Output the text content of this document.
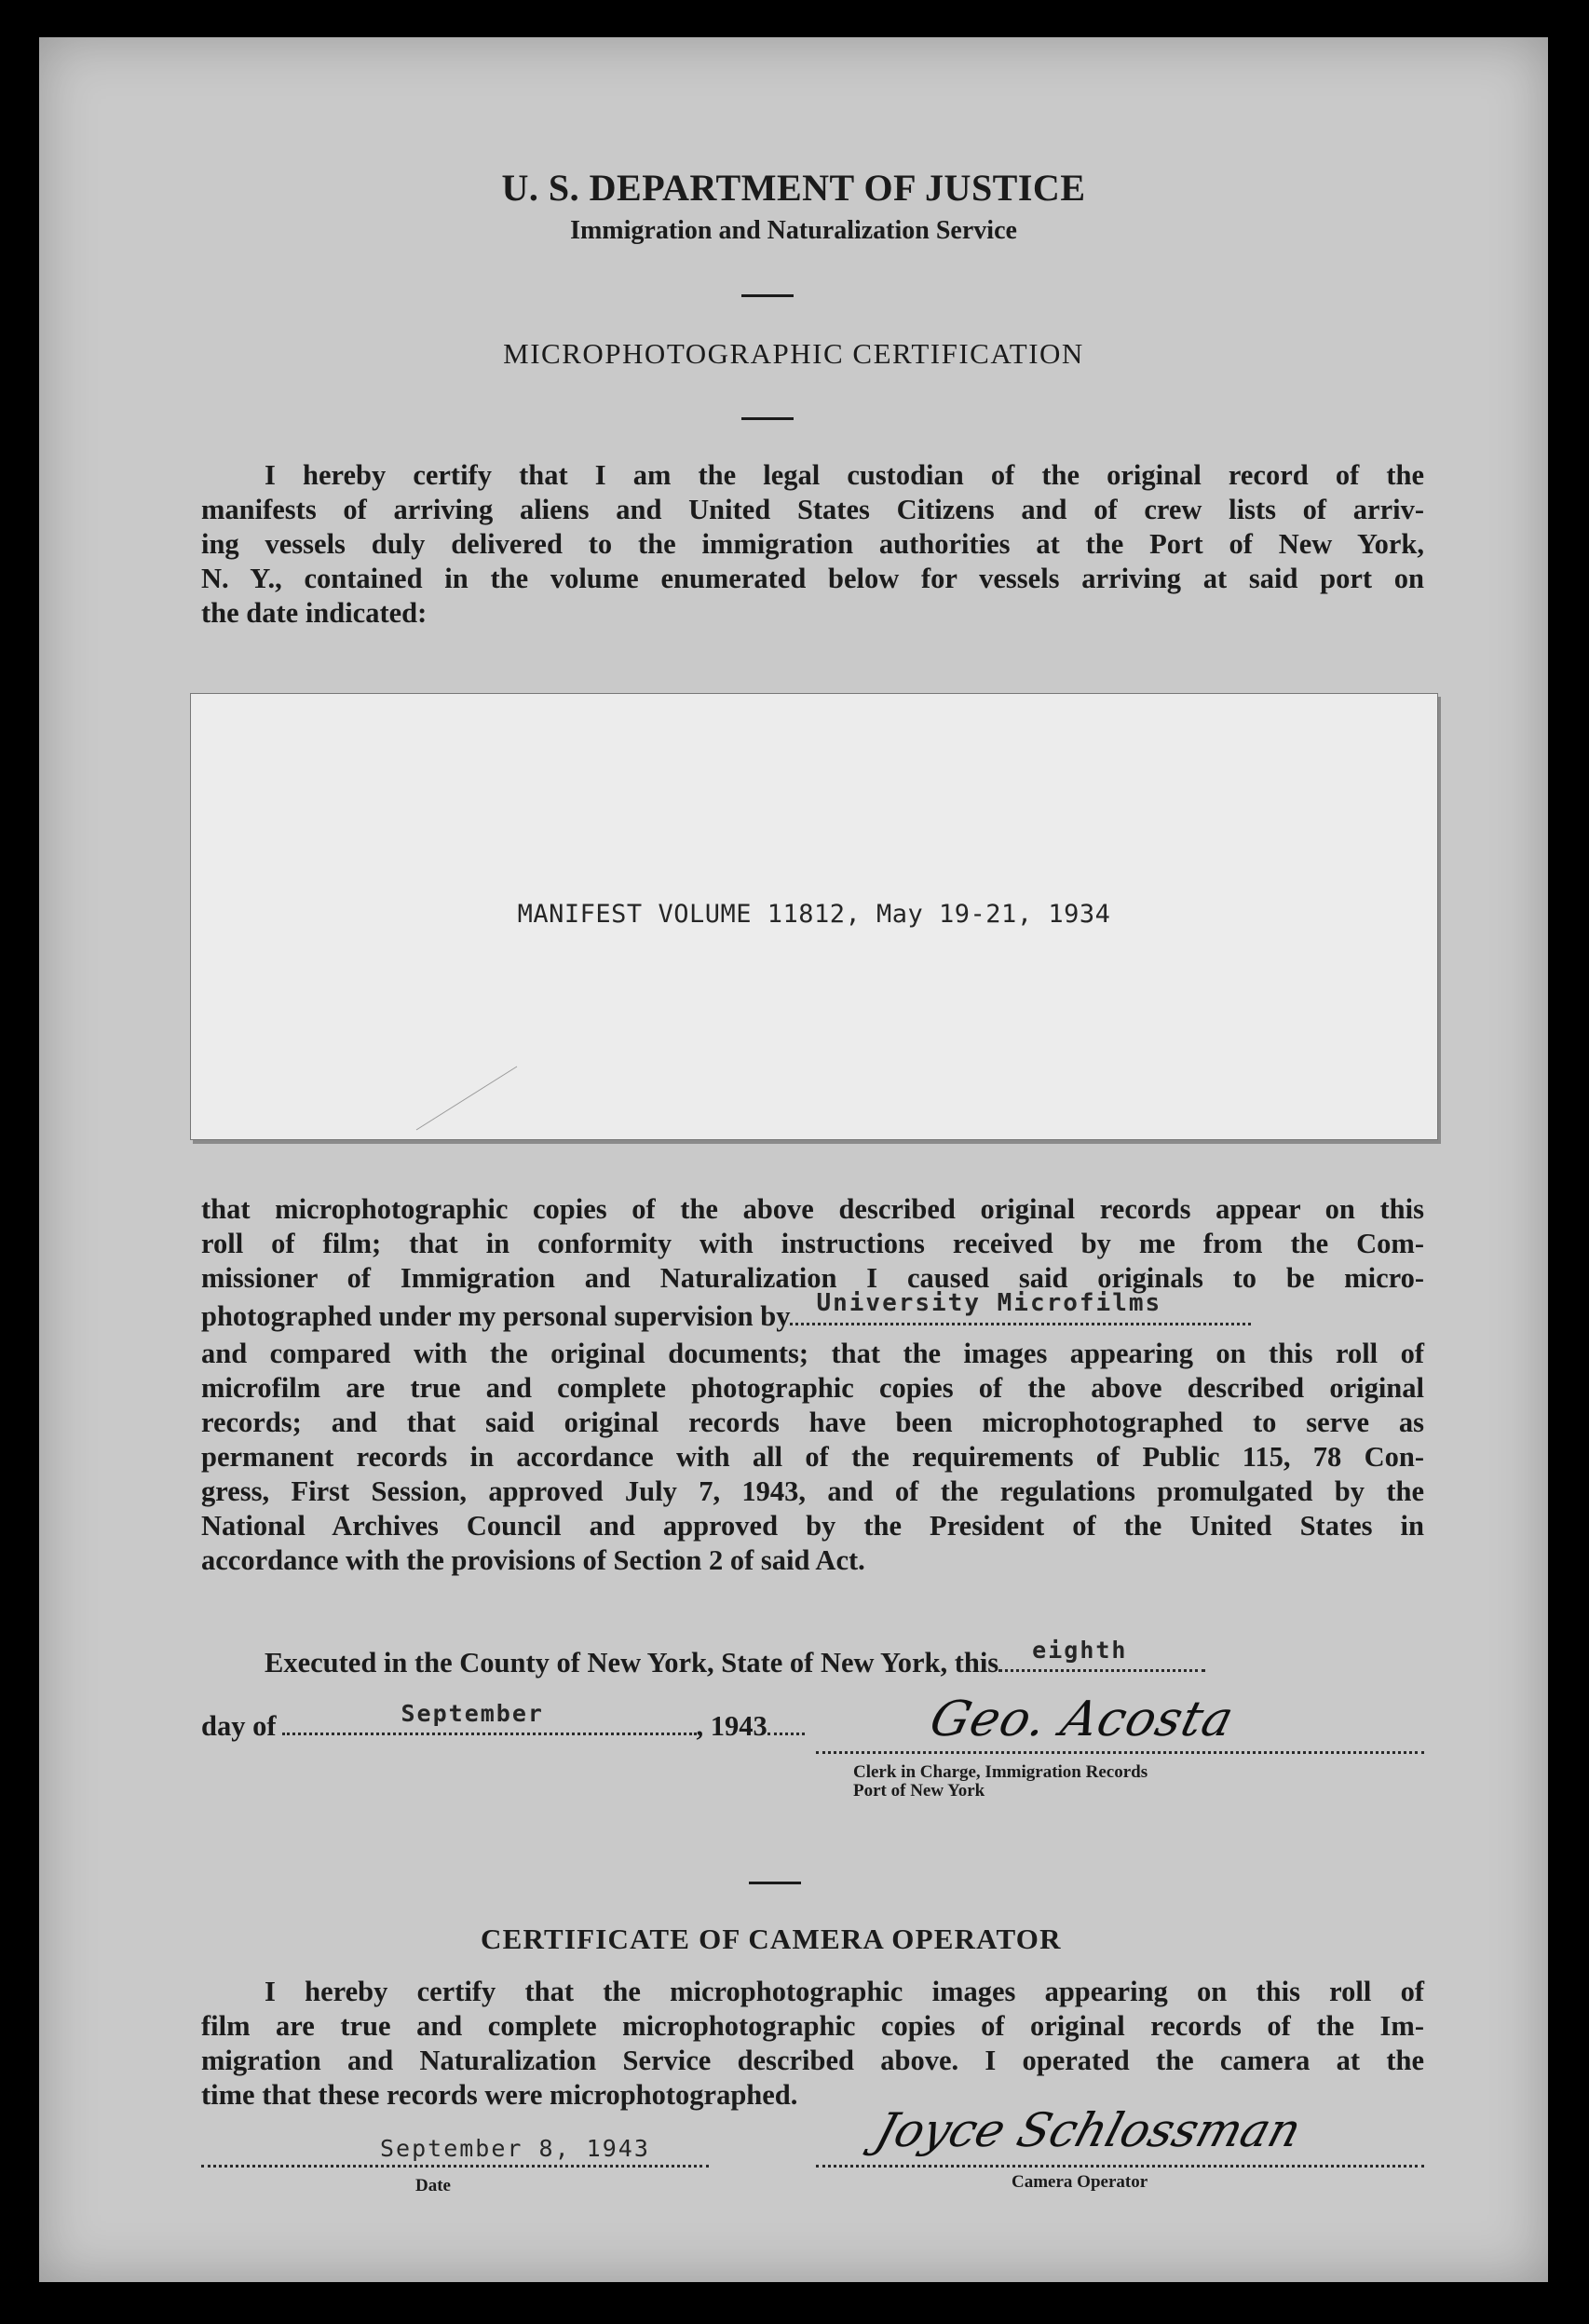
U. S. DEPARTMENT OF JUSTICE
Immigration and Naturalization Service
MICROPHOTOGRAPHIC CERTIFICATION
I hereby certify that I am the legal custodian of the original record of the
manifests of arriving aliens and United States Citizens and of crew lists of arriv-
ing vessels duly delivered to the immigration authorities at the Port of New York,
N. Y., contained in the volume enumerated below for vessels arriving at said port on
the date indicated:
MANIFEST VOLUME 11812, May 19-21, 1934
that microphotographic copies of the above described original records appear on this
roll of film; that in conformity with instructions received by me from the Com-
missioner of Immigration and Naturalization I caused said originals to be micro-
photographed under my personal supervision by University Microfilms
and compared with the original documents; that the images appearing on this roll of
microfilm are true and complete photographic copies of the above described original
records; and that said original records have been microphotographed to serve as
permanent records in accordance with all of the requirements of Public 115, 78 Con-
gress, First Session, approved July 7, 1943, and of the regulations promulgated by the
National Archives Council and approved by the President of the United States in
accordance with the provisions of Section 2 of said Act.
Executed in the County of New York, State of New York, this eighth
day of	September	, 1943	Geo. Acosta
Clerk in Charge, Immigration Records
Port of New York
CERTIFICATE OF CAMERA OPERATOR
I hereby certify that the microphotographic images appearing on this roll of
film are true and complete microphotographic copies of original records of the Im-
migration and Naturalization Service described above. I operated the camera at the
time that these records were microphotographed.
September 8, 1943
Date
Joyce Schlossman
Camera Operator
